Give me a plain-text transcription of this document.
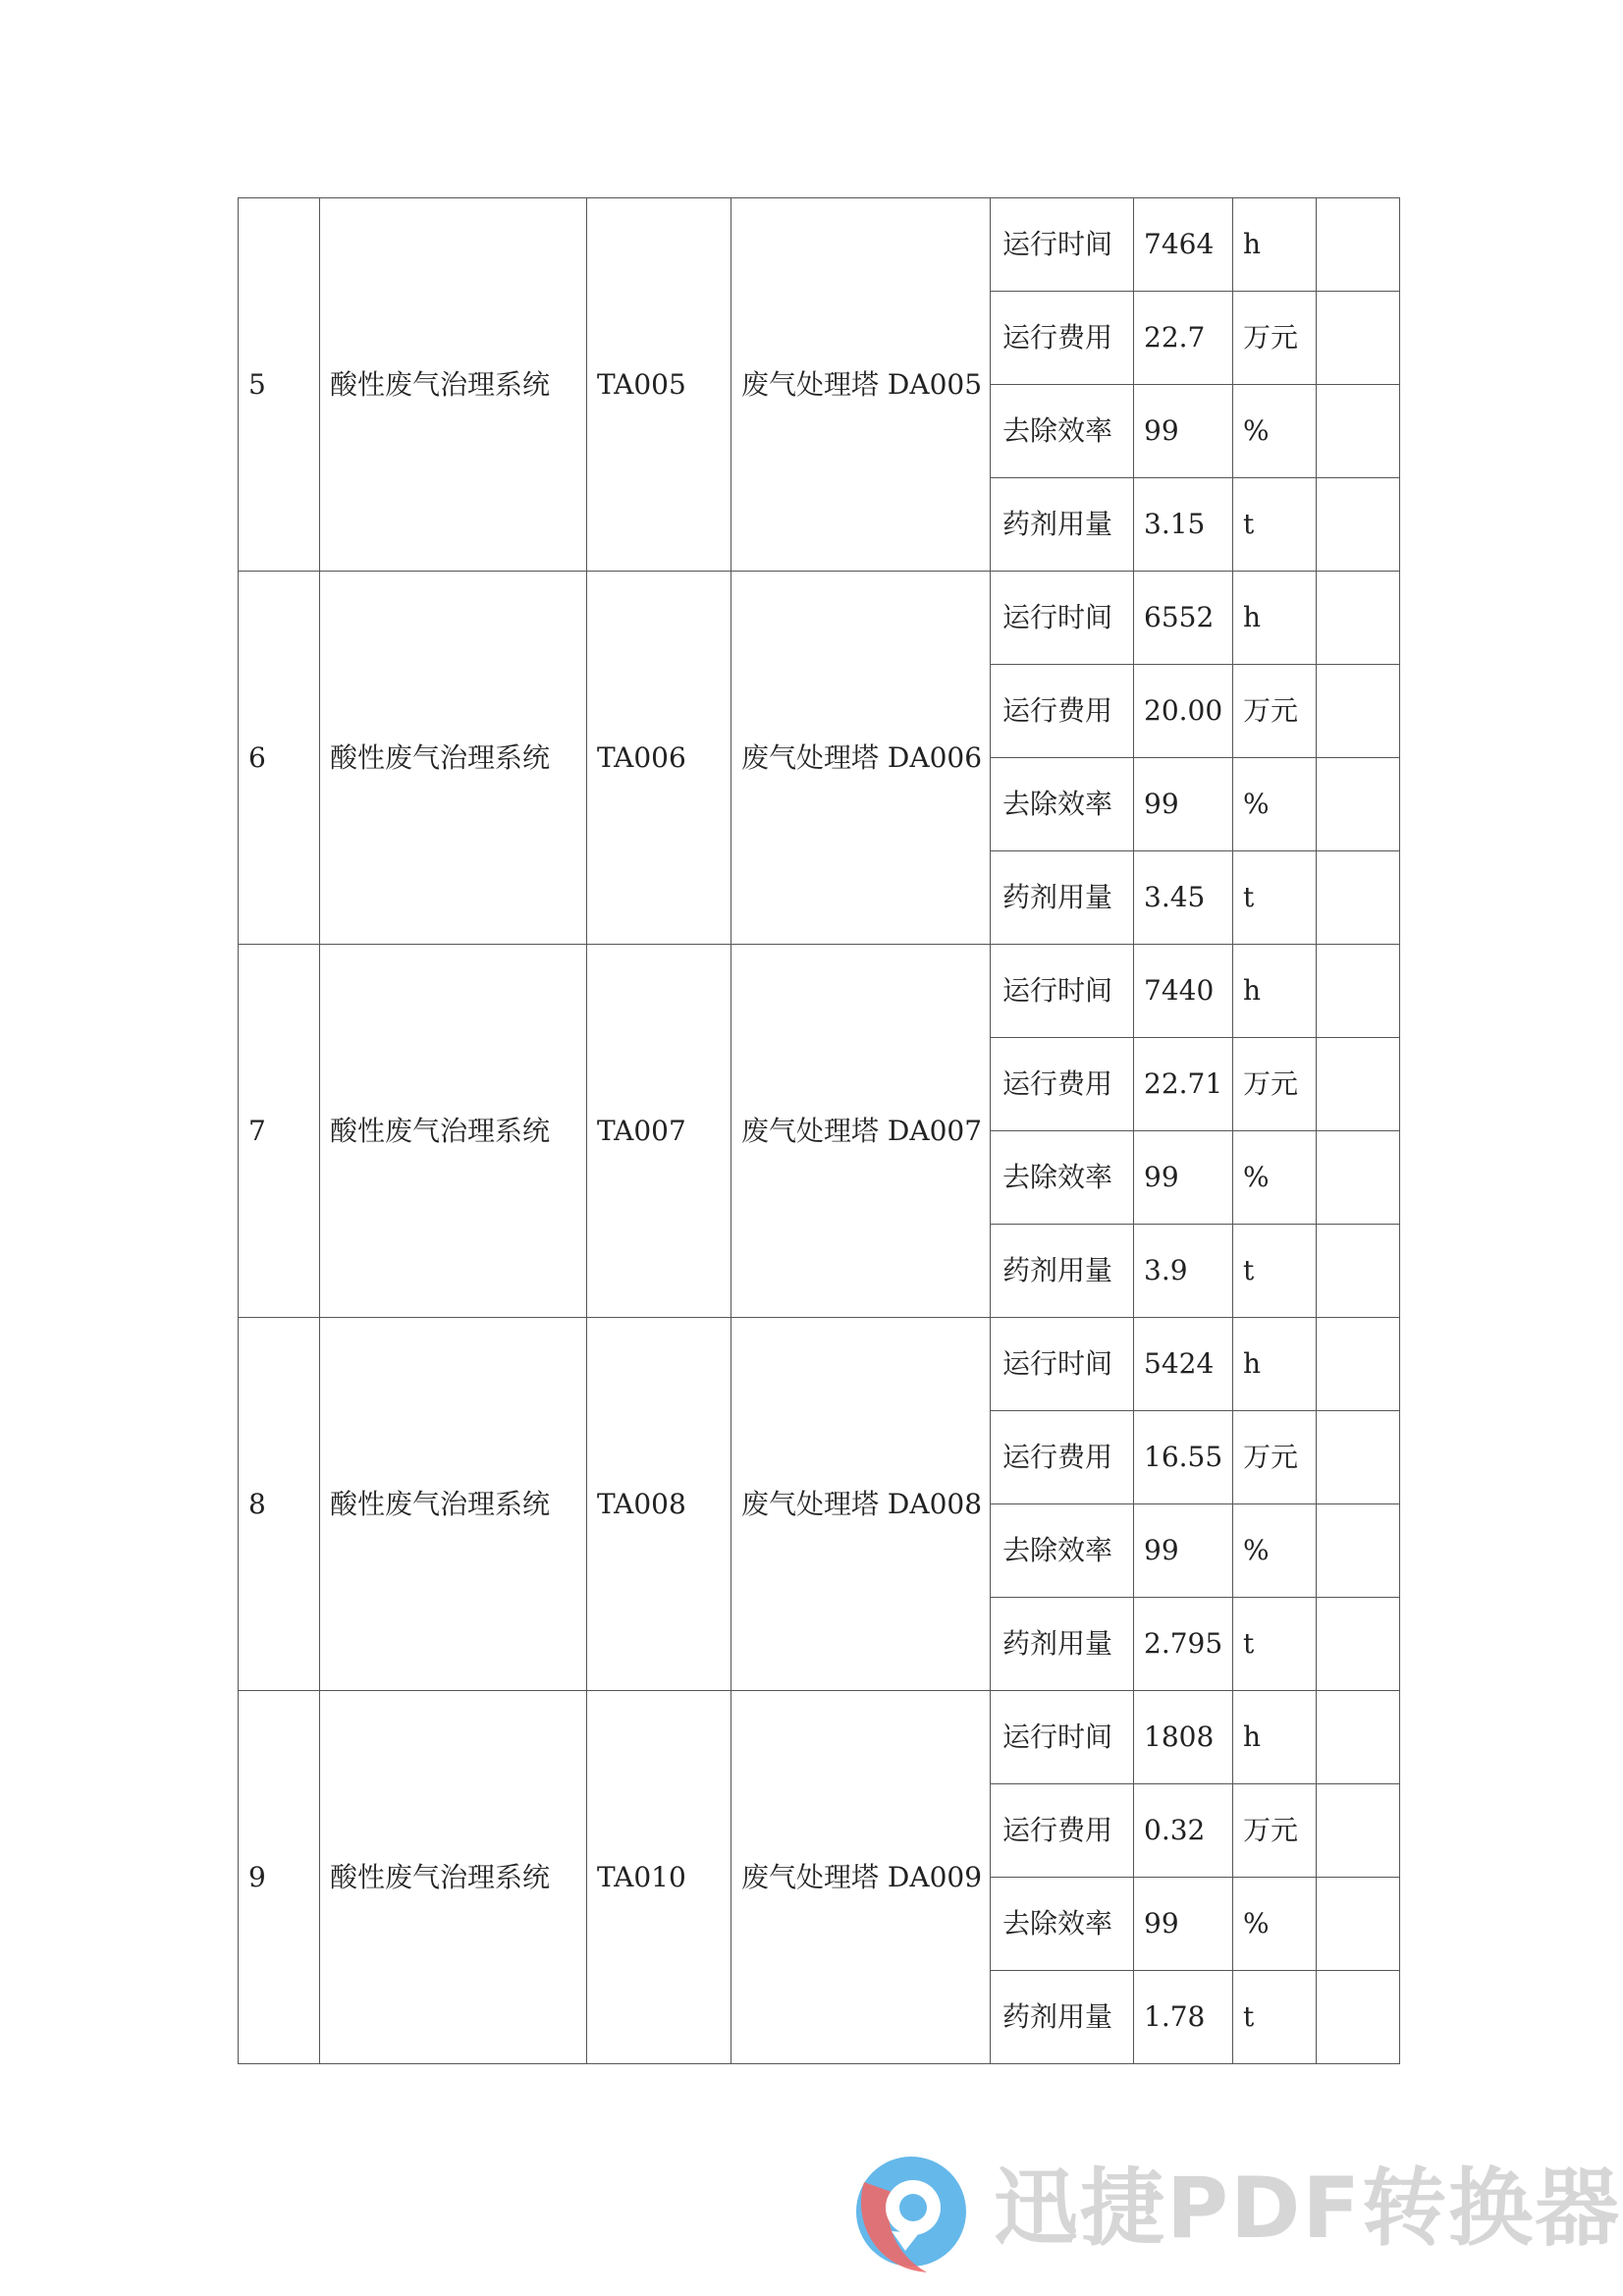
5	酸性废气治理系统	TA005	废气处理塔 DA005	运行时间	7464	h	
				运行费用	22.7	万元	
				去除效率	99	%	
				药剂用量	3.15	t	
6	酸性废气治理系统	TA006	废气处理塔 DA006	运行时间	6552	h	
				运行费用	20.00	万元	
				去除效率	99	%	
				药剂用量	3.45	t	
7	酸性废气治理系统	TA007	废气处理塔 DA007	运行时间	7440	h	
				运行费用	22.71	万元	
				去除效率	99	%	
				药剂用量	3.9	t	
8	酸性废气治理系统	TA008	废气处理塔 DA008	运行时间	5424	h	
				运行费用	16.55	万元	
				去除效率	99	%	
				药剂用量	2.795	t	
9	酸性废气治理系统	TA010	废气处理塔 DA009	运行时间	1808	h	
				运行费用	0.32	万元	
				去除效率	99	%	
				药剂用量	1.78	t	
迅捷PDF转换器
